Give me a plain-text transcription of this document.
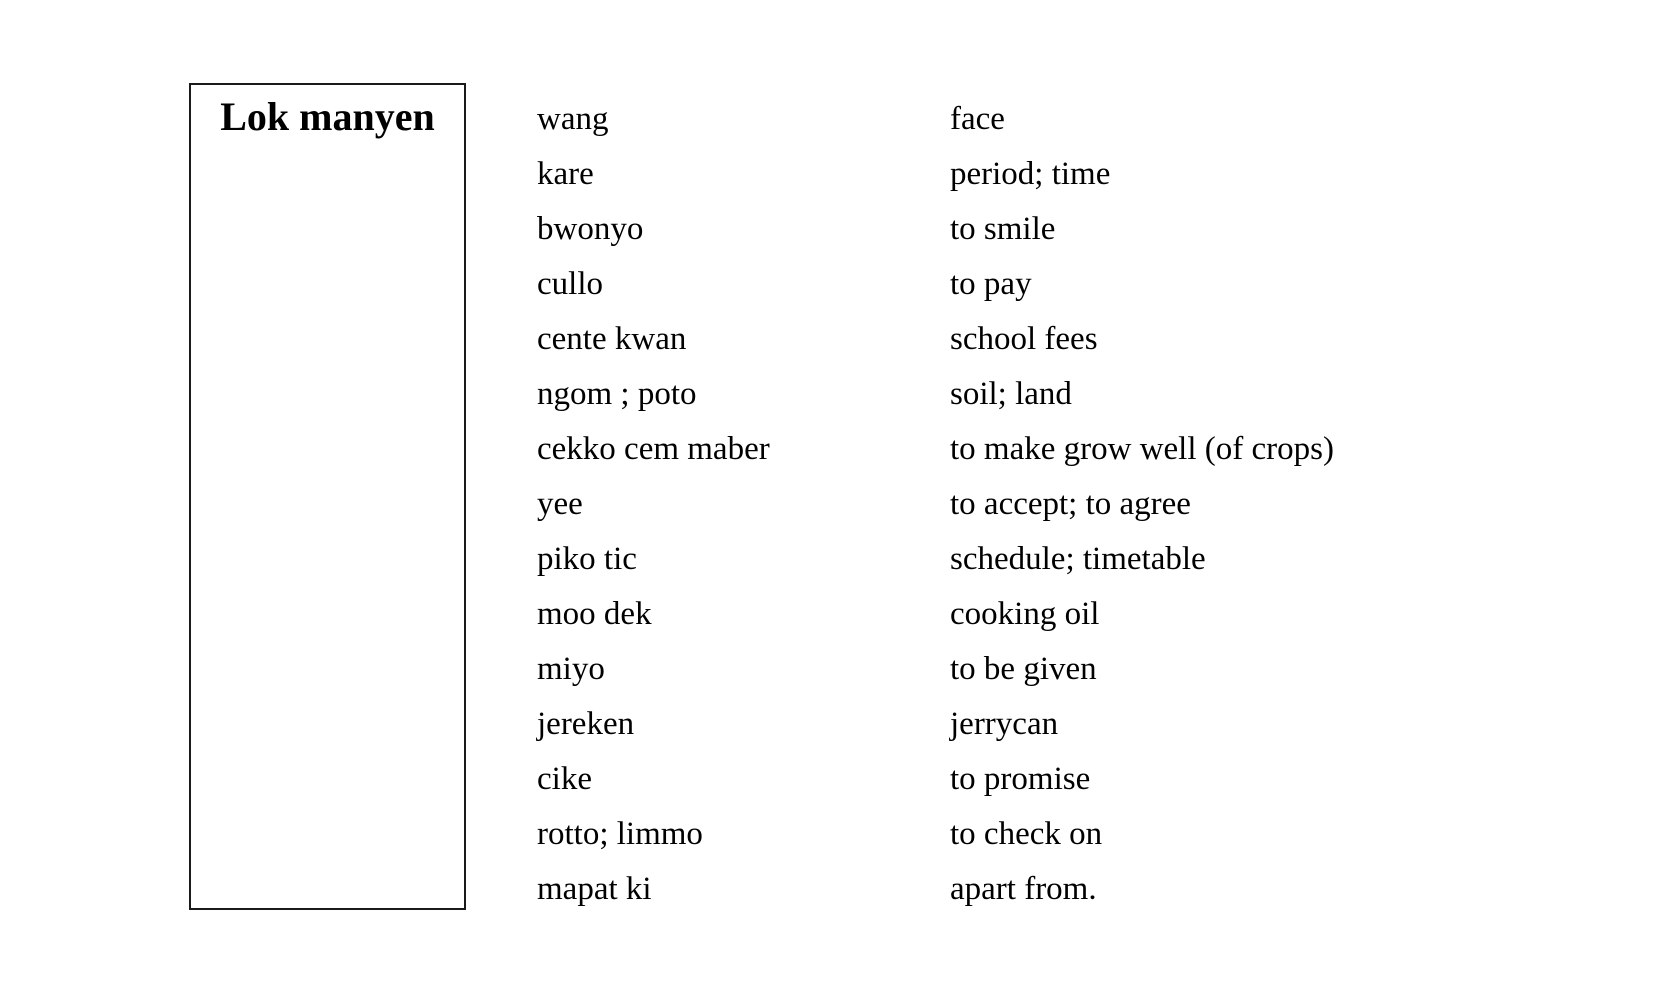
Lok manyen	wang	face
kare	period; time
bwonyo	to smile
cullo	to pay
cente kwan	school fees
ngom ; poto	soil; land
cekko cem maber	to make grow well (of crops)
yee	to accept; to agree
piko tic	schedule; timetable
moo dek	cooking oil
miyo	to be given
jereken	jerrycan
cike	to promise
rotto; limmo	to check on
mapat ki	apart from.
